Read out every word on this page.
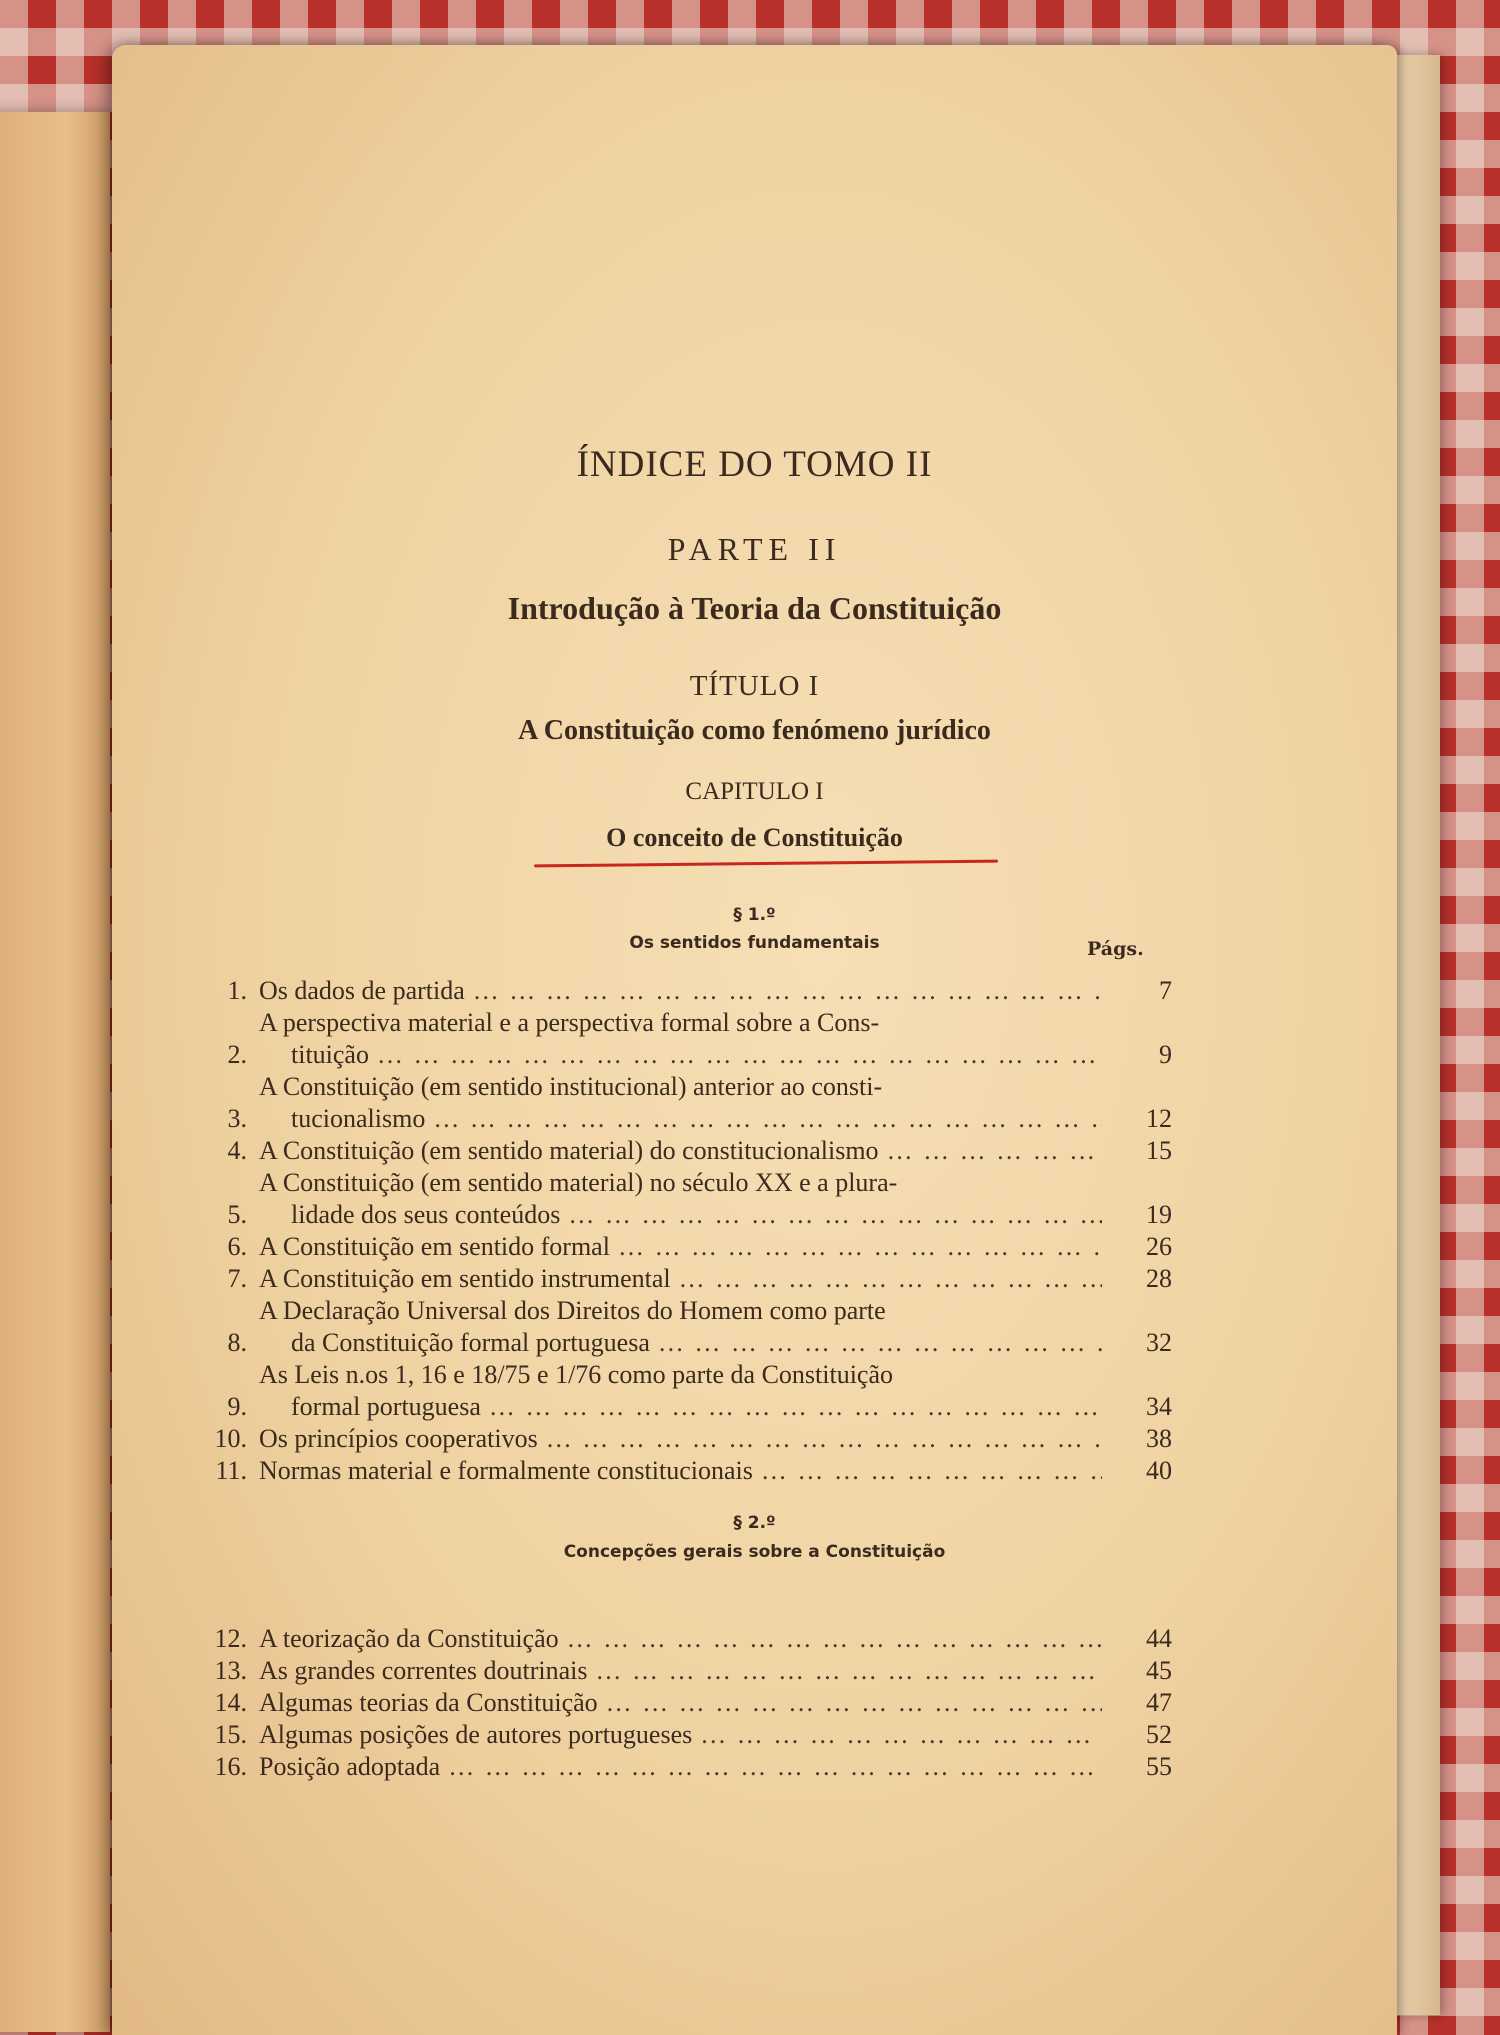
ÍNDICE DO TOMO II
PARTE II
Introdução à Teoria da Constituição
TÍTULO I
A Constituição como fenómeno jurídico
CAPITULO I
O conceito de Constituição
§ 1.º
Os sentidos fundamentais	Págs.
1. Os dados de partida … … … … … … … … … … … … … … … … … … … … … … … … … … … … … … … …	7
2.
A perspectiva material e a perspectiva formal sobre a Cons-
tituição … … … … … … … … … … … … … … … … … … … … … … … … … … … … … … … …	9
3.
A Constituição (em sentido institucional) anterior ao consti-
tucionalismo … … … … … … … … … … … … … … … … … … … … … … … … … … … … … … … …	12
4. A Constituição (em sentido material) do constitucionalismo … … … … … … … … … … … … … … … … … … … … … … … … … … … … … … … …	15
5.
A Constituição (em sentido material) no século XX e a plura-
lidade dos seus conteúdos … … … … … … … … … … … … … … … … … … … … … … … … … … … … … … … …	19
6. A Constituição em sentido formal … … … … … … … … … … … … … … … … … … … … … … … … … … … … … … … …	26
7. A Constituição em sentido instrumental … … … … … … … … … … … … … … … … … … … … … … … … … … … … … … … …	28
8.
A Declaração Universal dos Direitos do Homem como parte
da Constituição formal portuguesa … … … … … … … … … … … … … … … … … … … … … … … … … … … … … … … …	32
9.
As Leis n.os 1, 16 e 18/75 e 1/76 como parte da Constituição
formal portuguesa … … … … … … … … … … … … … … … … … … … … … … … … … … … … … … … …	34
10. Os princípios cooperativos … … … … … … … … … … … … … … … … … … … … … … … … … … … … … … … …	38
11. Normas material e formalmente constitucionais … … … … … … … … … … … … … … … … … … … … … … … … … … … … … … … …	40
§ 2.º
Concepções gerais sobre a Constituição
12. A teorização da Constituição … … … … … … … … … … … … … … … … … … … … … … … … … … … … … … … …	44
13. As grandes correntes doutrinais … … … … … … … … … … … … … … … … … … … … … … … … … … … … … … … …	45
14. Algumas teorias da Constituição … … … … … … … … … … … … … … … … … … … … … … … … … … … … … … … …	47
15. Algumas posições de autores portugueses … … … … … … … … … … … … … … … … … … … … … … … … … … … … … … … …	52
16. Posição adoptada … … … … … … … … … … … … … … … … … … … … … … … … … … … … … … … …	55
